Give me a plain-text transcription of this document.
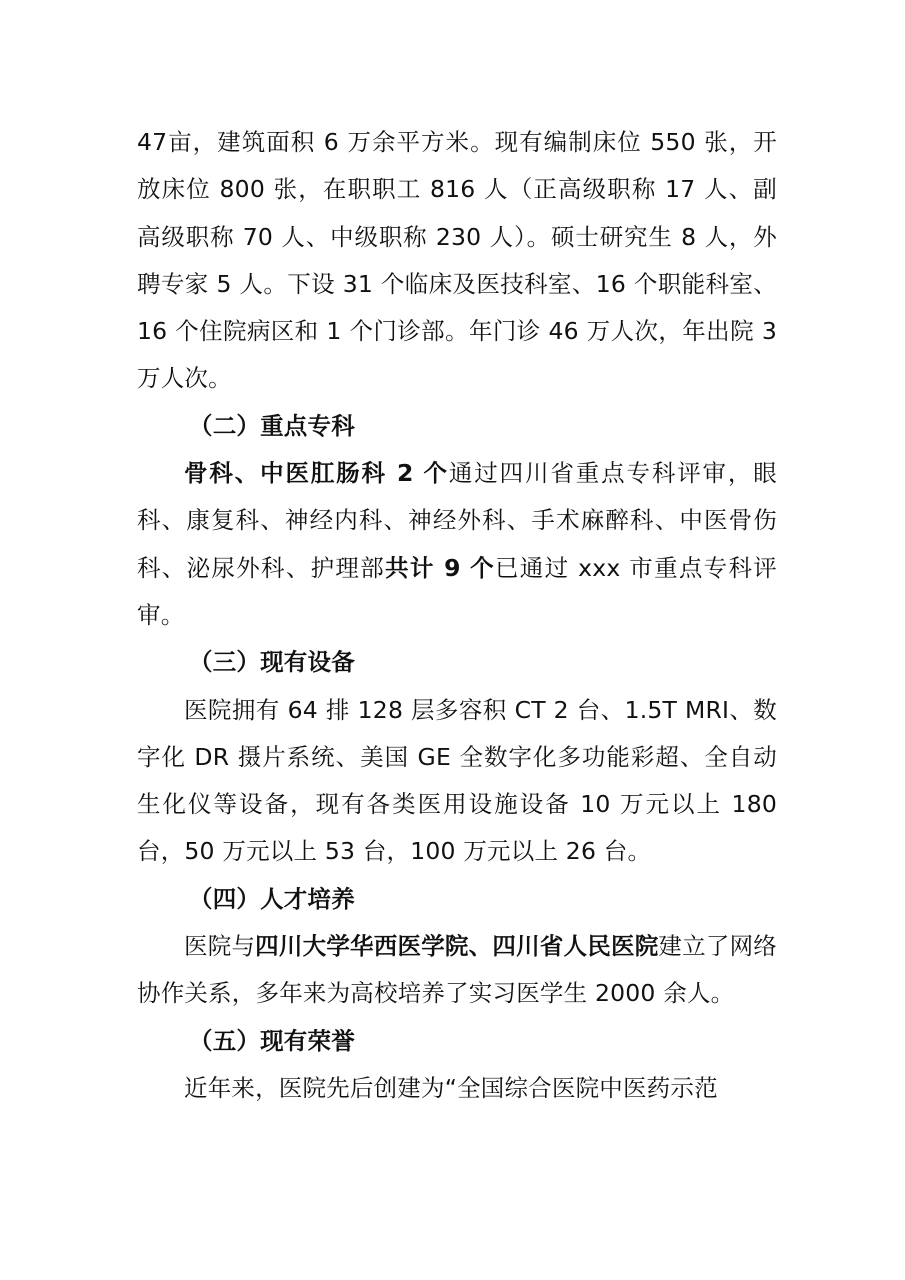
47亩，建筑面积 6 万余平方米。现有编制床位 550 张，开放床位 800 张，在职职工 816 人（正高级职称 17 人、副高级职称 70 人、中级职称 230 人）。硕士研究生 8 人，外聘专家 5 人。下设 31 个临床及医技科室、16 个职能科室、16 个住院病区和 1 个门诊部。年门诊 46 万人次，年出院 3 万人次。

（二）重点专科

骨科、中医肛肠科 2 个通过四川省重点专科评审，眼科、康复科、神经内科、神经外科、手术麻醉科、中医骨伤科、泌尿外科、护理部共计 9 个已通过 xxx 市重点专科评审。

（三）现有设备

医院拥有 64 排 128 层多容积 CT 2 台、1.5T MRI、数字化 DR 摄片系统、美国 GE 全数字化多功能彩超、全自动生化仪等设备，现有各类医用设施设备 10 万元以上 180 台，50 万元以上 53 台，100 万元以上 26 台。

（四）人才培养

医院与四川大学华西医学院、四川省人民医院建立了网络协作关系，多年来为高校培养了实习医学生 2000 余人。

（五）现有荣誉

近年来，医院先后创建为“全国综合医院中医药示范
